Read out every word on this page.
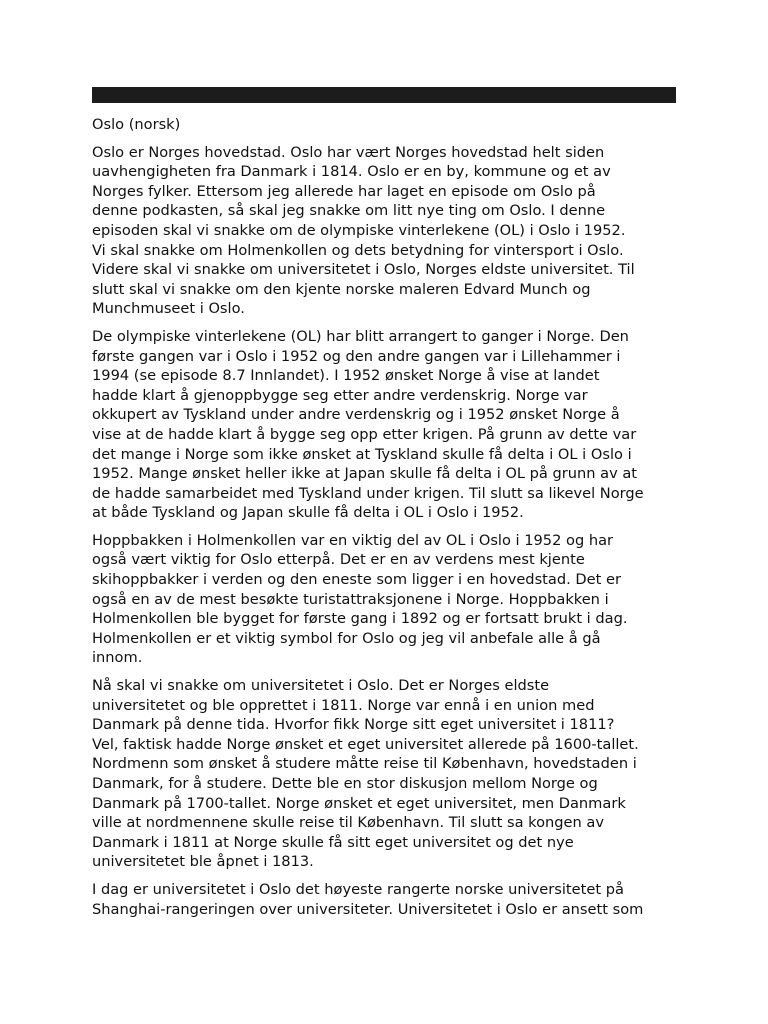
Oslo (norsk)
Oslo er Norges hovedstad. Oslo har vært Norges hovedstad helt siden
uavhengigheten fra Danmark i 1814. Oslo er en by, kommune og et av
Norges fylker. Ettersom jeg allerede har laget en episode om Oslo på
denne podkasten, så skal jeg snakke om litt nye ting om Oslo. I denne
episoden skal vi snakke om de olympiske vinterlekene (OL) i Oslo i 1952.
Vi skal snakke om Holmenkollen og dets betydning for vintersport i Oslo.
Videre skal vi snakke om universitetet i Oslo, Norges eldste universitet. Til
slutt skal vi snakke om den kjente norske maleren Edvard Munch og
Munchmuseet i Oslo.
De olympiske vinterlekene (OL) har blitt arrangert to ganger i Norge. Den
første gangen var i Oslo i 1952 og den andre gangen var i Lillehammer i
1994 (se episode 8.7 Innlandet). I 1952 ønsket Norge å vise at landet
hadde klart å gjenoppbygge seg etter andre verdenskrig. Norge var
okkupert av Tyskland under andre verdenskrig og i 1952 ønsket Norge å
vise at de hadde klart å bygge seg opp etter krigen. På grunn av dette var
det mange i Norge som ikke ønsket at Tyskland skulle få delta i OL i Oslo i
1952. Mange ønsket heller ikke at Japan skulle få delta i OL på grunn av at
de hadde samarbeidet med Tyskland under krigen. Til slutt sa likevel Norge
at både Tyskland og Japan skulle få delta i OL i Oslo i 1952.
Hoppbakken i Holmenkollen var en viktig del av OL i Oslo i 1952 og har
også vært viktig for Oslo etterpå. Det er en av verdens mest kjente
skihoppbakker i verden og den eneste som ligger i en hovedstad. Det er
også en av de mest besøkte turistattraksjonene i Norge. Hoppbakken i
Holmenkollen ble bygget for første gang i 1892 og er fortsatt brukt i dag.
Holmenkollen er et viktig symbol for Oslo og jeg vil anbefale alle å gå
innom.
Nå skal vi snakke om universitetet i Oslo. Det er Norges eldste
universitetet og ble opprettet i 1811. Norge var ennå i en union med
Danmark på denne tida. Hvorfor fikk Norge sitt eget universitet i 1811?
Vel, faktisk hadde Norge ønsket et eget universitet allerede på 1600-tallet.
Nordmenn som ønsket å studere måtte reise til København, hovedstaden i
Danmark, for å studere. Dette ble en stor diskusjon mellom Norge og
Danmark på 1700-tallet. Norge ønsket et eget universitet, men Danmark
ville at nordmennene skulle reise til København. Til slutt sa kongen av
Danmark i 1811 at Norge skulle få sitt eget universitet og det nye
universitetet ble åpnet i 1813.
I dag er universitetet i Oslo det høyeste rangerte norske universitetet på
Shanghai-rangeringen over universiteter. Universitetet i Oslo er ansett som
